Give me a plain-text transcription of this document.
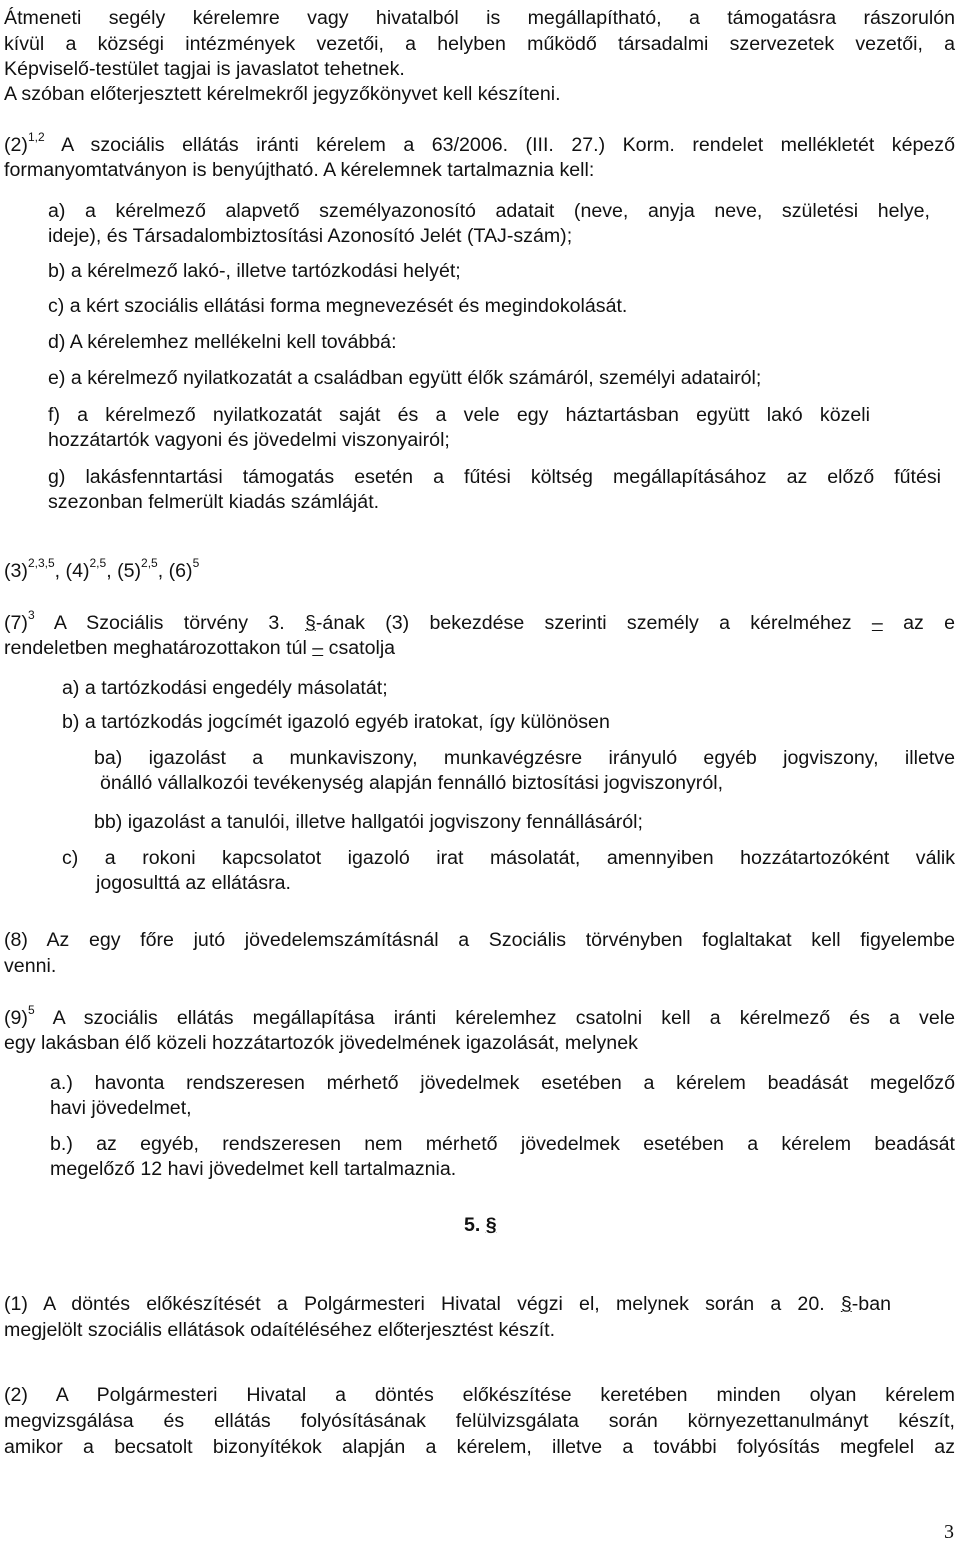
Átmeneti segély kérelemre vagy hivatalból is megállapítható, a támogatásra rászorulón
kívül a községi intézmények vezetői, a helyben működő társadalmi szervezetek vezetői, a
Képviselő-testület tagjai is javaslatot tehetnek.
A szóban előterjesztett kérelmekről jegyzőkönyvet kell készíteni.
$(2)^{1,2}$ A szociális ellátás iránti kérelem a 63/2006. (III. 27.) Korm. rendelet mellékletét képező
formanyomtatványon is benyújtható. A kérelemnek tartalmaznia kell:
a) a kérelmező alapvető személyazonosító adatait (neve, anyja neve, születési helye,
ideje), és Társadalombiztosítási Azonosító Jelét (TAJ-szám);
b) a kérelmező lakó-, illetve tartózkodási helyét;
c) a kért szociális ellátási forma megnevezését és megindokolását.
d) A kérelemhez mellékelni kell továbbá:
e) a kérelmező nyilatkozatát a családban együtt élők számáról, személyi adatairól;
f) a kérelmező nyilatkozatát saját és a vele egy háztartásban együtt lakó közeli
hozzátartók vagyoni és jövedelmi viszonyairól;
g) lakásfenntartási támogatás esetén a fűtési költség megállapításához az előző fűtési
szezonban felmerült kiadás számláját.
$(3)^{2,3,5}$, $(4)^{2,5}$, $(5)^{2,5}$, $(6)^5$
$(7)^3$ A Szociális törvény 3. §-ának (3) bekezdése szerinti személy a kérelméhez – az e
rendeletben meghatározottakon túl – csatolja
a) a tartózkodási engedély másolatát;
b) a tartózkodás jogcímét igazoló egyéb iratokat, így különösen
ba) igazolást a munkaviszony, munkavégzésre irányuló egyéb jogviszony, illetve
önálló vállalkozói tevékenység alapján fennálló biztosítási jogviszonyról,
bb) igazolást a tanulói, illetve hallgatói jogviszony fennállásáról;
c) a rokoni kapcsolatot igazoló irat másolatát, amennyiben hozzátartozóként válik
jogosulttá az ellátásra.
(8) Az egy főre jutó jövedelemszámításnál a Szociális törvényben foglaltakat kell figyelembe
venni.
$(9)^5$ A szociális ellátás megállapítása iránti kérelemhez csatolni kell a kérelmező és a vele
egy lakásban élő közeli hozzátartozók jövedelmének igazolását, melynek
a.) havonta rendszeresen mérhető jövedelmek esetében a kérelem beadását megelőző
havi jövedelmet,
b.) az egyéb, rendszeresen nem mérhető jövedelmek esetében a kérelem beadását
megelőző 12 havi jövedelmet kell tartalmaznia.
5. §
(1) A döntés előkészítését a Polgármesteri Hivatal végzi el, melynek során a 20. §-ban
megjelölt szociális ellátások odaítéléséhez előterjesztést készít.
(2) A Polgármesteri Hivatal a döntés előkészítése keretében minden olyan kérelem
megvizsgálása és ellátás folyósításának felülvizsgálata során környezettanulmányt készít,
amikor a becsatolt bizonyítékok alapján a kérelem, illetve a további folyósítás megfelel az
3
